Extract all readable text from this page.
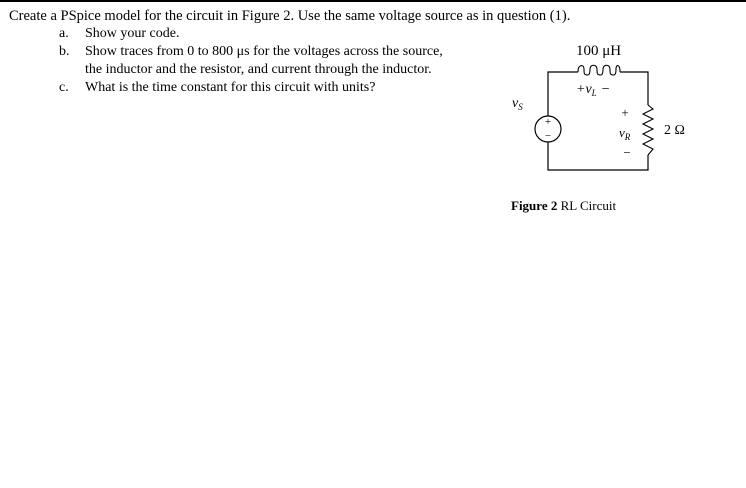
Create a PSpice model for the circuit in Figure 2. Use the same voltage source as in question (1).
a. Show your code.
b. Show traces from 0 to 800 μs for the voltages across the source,
the inductor and the resistor, and current through the inductor.
c. What is the time constant for this circuit with units?
+
−
100 μH
$+v_L$ −
$v_S$	+
$v_R$
−
2 Ω
Figure 2 RL Circuit
